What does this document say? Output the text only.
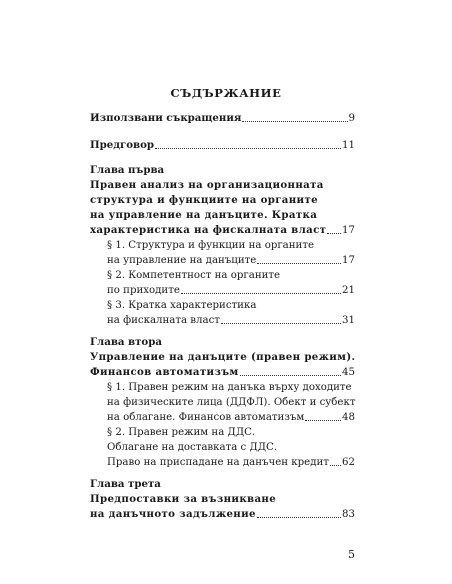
СЪДЪРЖАНИЕ
Използвани съкращения	9
Предговор	11
Глава първа
Правен анализ на организационната
структура и функциите на органите
на управление на данъците. Кратка
характеристика на фискалната власт 17
§ 1. Структура и функции на органите
на управление на данъците	17
§ 2. Компетентност на органите
по приходите	21
§ 3. Кратка характеристика
на фискалната власт	31
Глава втора
Управление на данъците (правен режим).
Финансов автоматизъм	45
§ 1. Правен режим на данъка върху доходите
на физическите лица (ДДФЛ). Обект и субект
на облагане. Финансов автоматизъм	48
§ 2. Правен режим на ДДС.
Облагане на доставката с ДДС.
Право на приспадане на данъчен кредит 62
Глава трета
Предпоставки за възникване
на данъчното задължение	83
5
